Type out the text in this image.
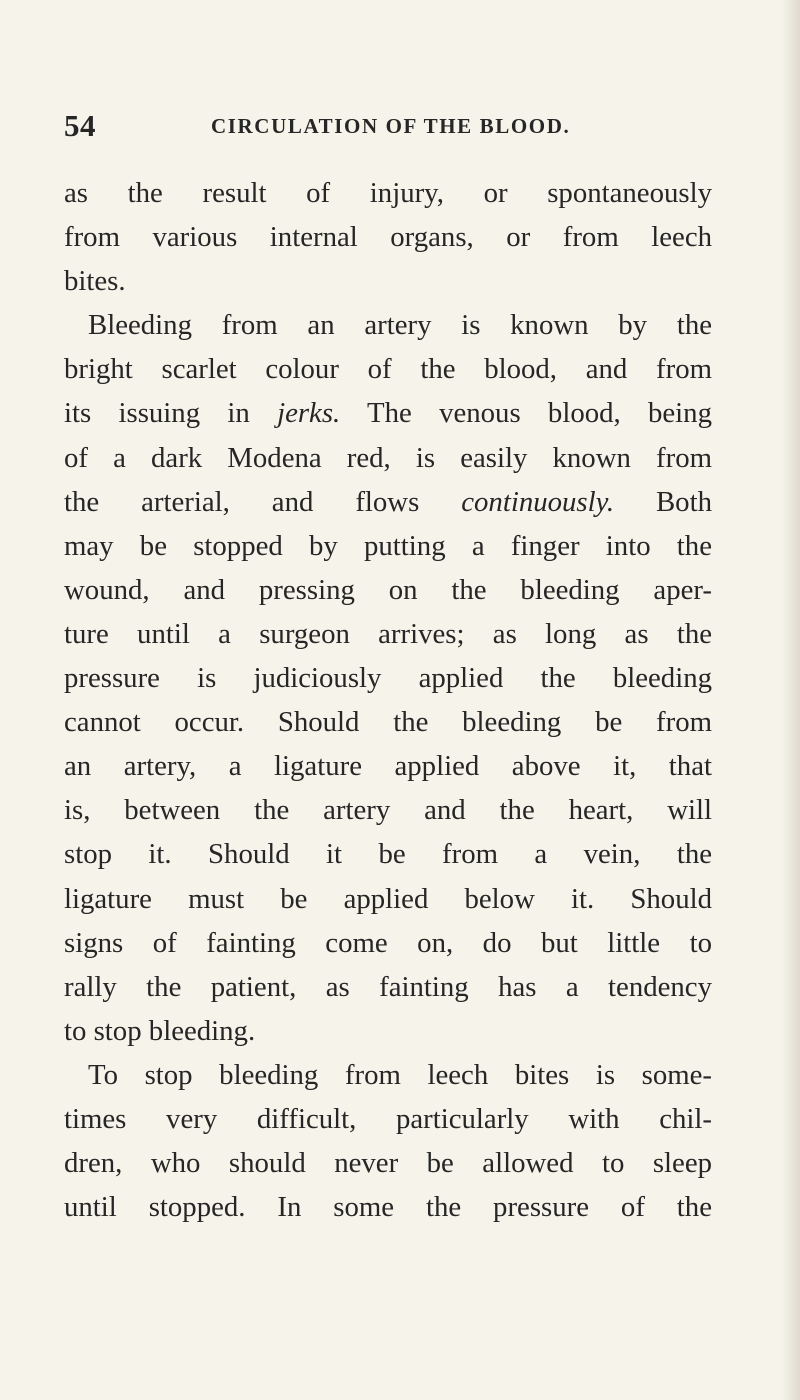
54	CIRCULATION OF THE BLOOD.
as the result of injury, or spontaneously
from various internal organs, or from leech
bites.
Bleeding from an artery is known by the
bright scarlet colour of the blood, and from
its issuing in jerks. The venous blood, being
of a dark Modena red, is easily known from
the arterial, and flows continuously. Both
may be stopped by putting a finger into the
wound, and pressing on the bleeding aper-
ture until a surgeon arrives; as long as the
pressure is judiciously applied the bleeding
cannot occur. Should the bleeding be from
an artery, a ligature applied above it, that
is, between the artery and the heart, will
stop it. Should it be from a vein, the
ligature must be applied below it. Should
signs of fainting come on, do but little to
rally the patient, as fainting has a tendency
to stop bleeding.
To stop bleeding from leech bites is some-
times very difficult, particularly with chil-
dren, who should never be allowed to sleep
until stopped. In some the pressure of the
